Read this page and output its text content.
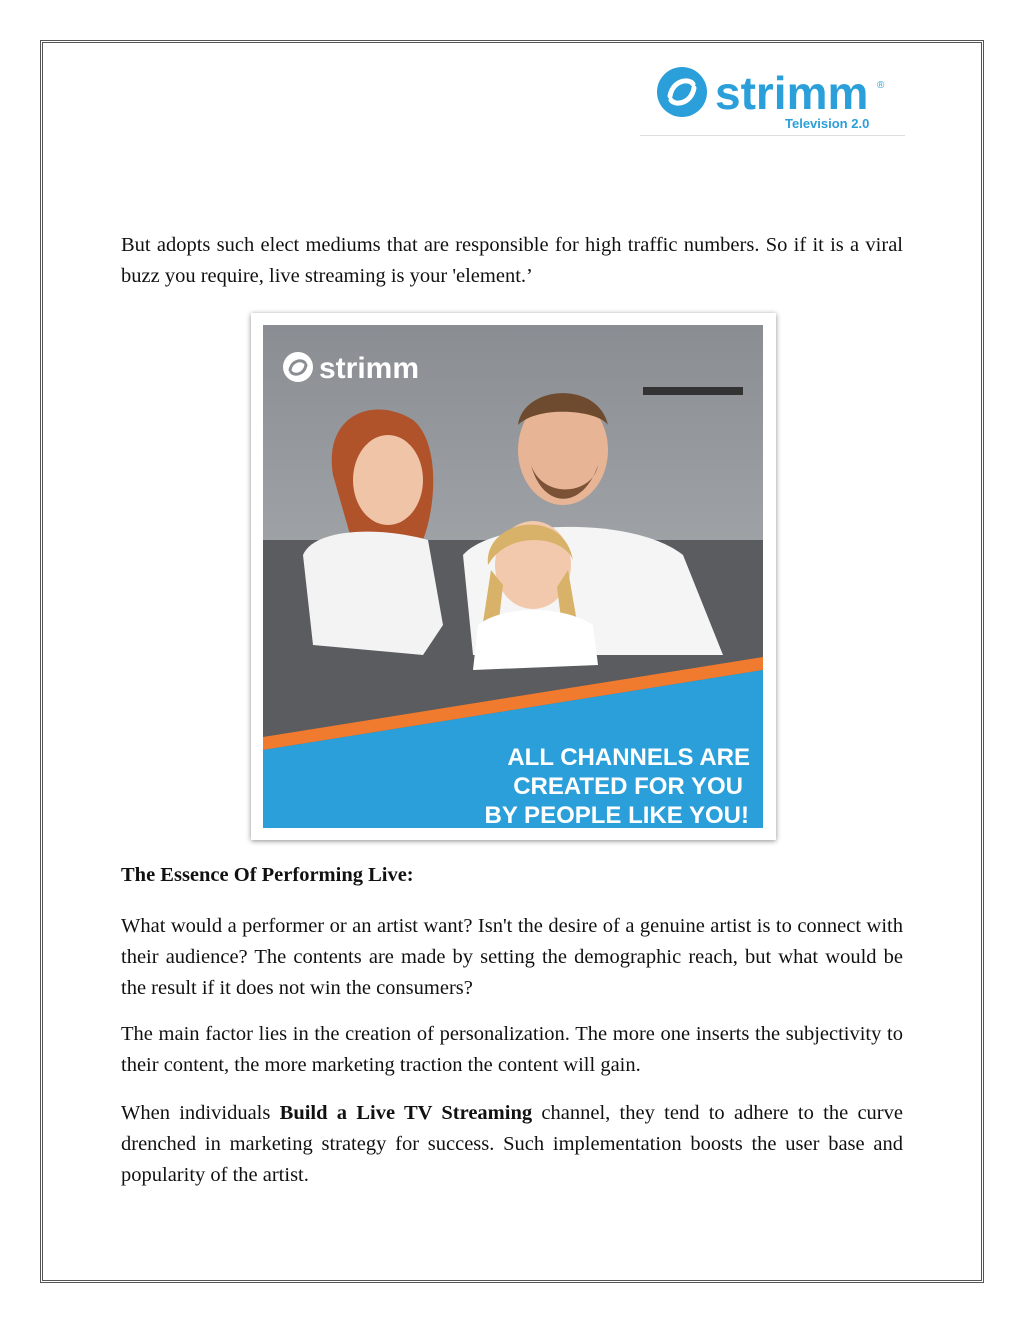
strimm ®
Television 2.0

But adopts such elect mediums that are responsible for high traffic numbers. So if it is a viral buzz you require, live streaming is your 'element.’

ALL CHANNELS ARE
CREATED FOR YOU
BY PEOPLE LIKE YOU!
strimm
The Essence Of Performing Live:

What would a performer or an artist want? Isn't the desire of a genuine artist is to connect with their audience? The contents are made by setting the demographic reach, but what would be the result if it does not win the consumers?

The main factor lies in the creation of personalization. The more one inserts the subjectivity to their content, the more marketing traction the content will gain.

When individuals Build a Live TV Streaming channel, they tend to adhere to the curve drenched in marketing strategy for success. Such implementation boosts the user base and popularity of the artist.
